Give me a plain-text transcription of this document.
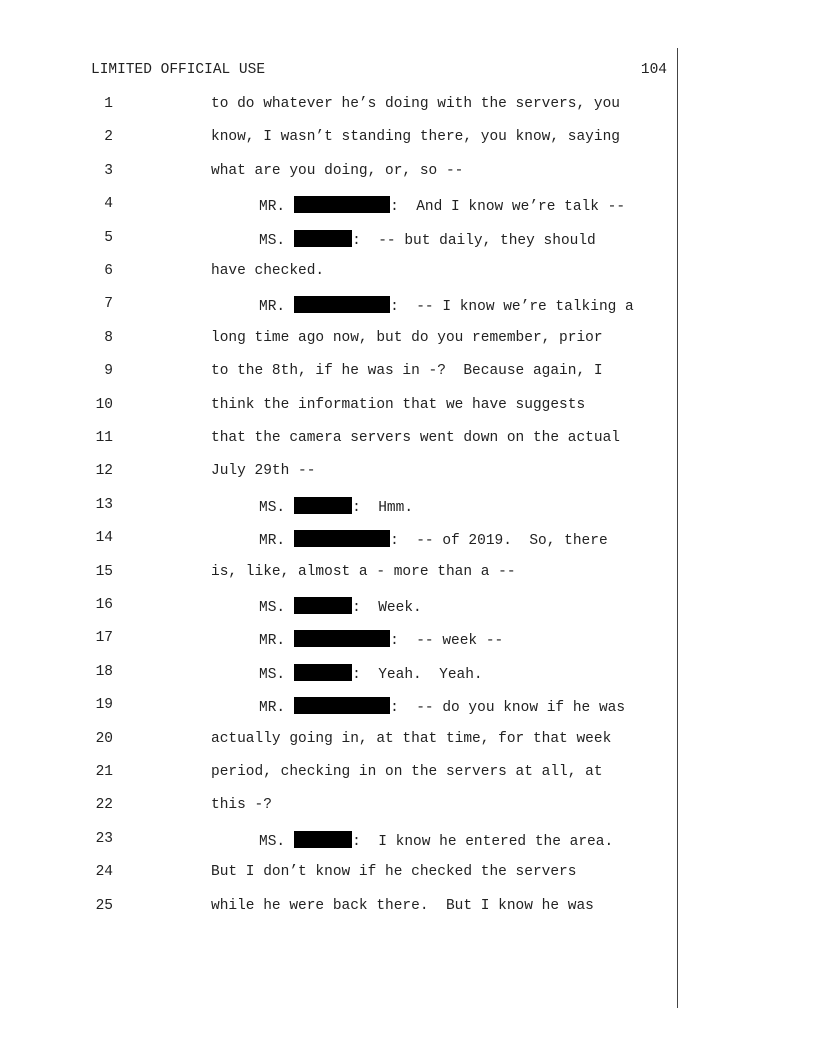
LIMITED OFFICIAL USE	104
1	to do whatever he’s doing with the servers, you
2	know, I wasn’t standing there, you know, saying
3	what are you doing, or, so --
4	MR.	:  And I know we’re talk --
5	MS.	:  -- but daily, they should
6	have checked.
7	MR.	:  -- I know we’re talking a
8	long time ago now, but do you remember, prior
9	to the 8th, if he was in -?  Because again, I
10	think the information that we have suggests
11	that the camera servers went down on the actual
12	July 29th --
13	MS.	:  Hmm.
14	MR.	:  -- of 2019.  So, there
15	is, like, almost a - more than a --
16	MS.	:  Week.
17	MR.	:  -- week --
18	MS.	:  Yeah.  Yeah.
19	MR.	:  -- do you know if he was
20	actually going in, at that time, for that week
21	period, checking in on the servers at all, at
22	this -?
23	MS.	:  I know he entered the area.
24	But I don’t know if he checked the servers
25	while he were back there.  But I know he was
